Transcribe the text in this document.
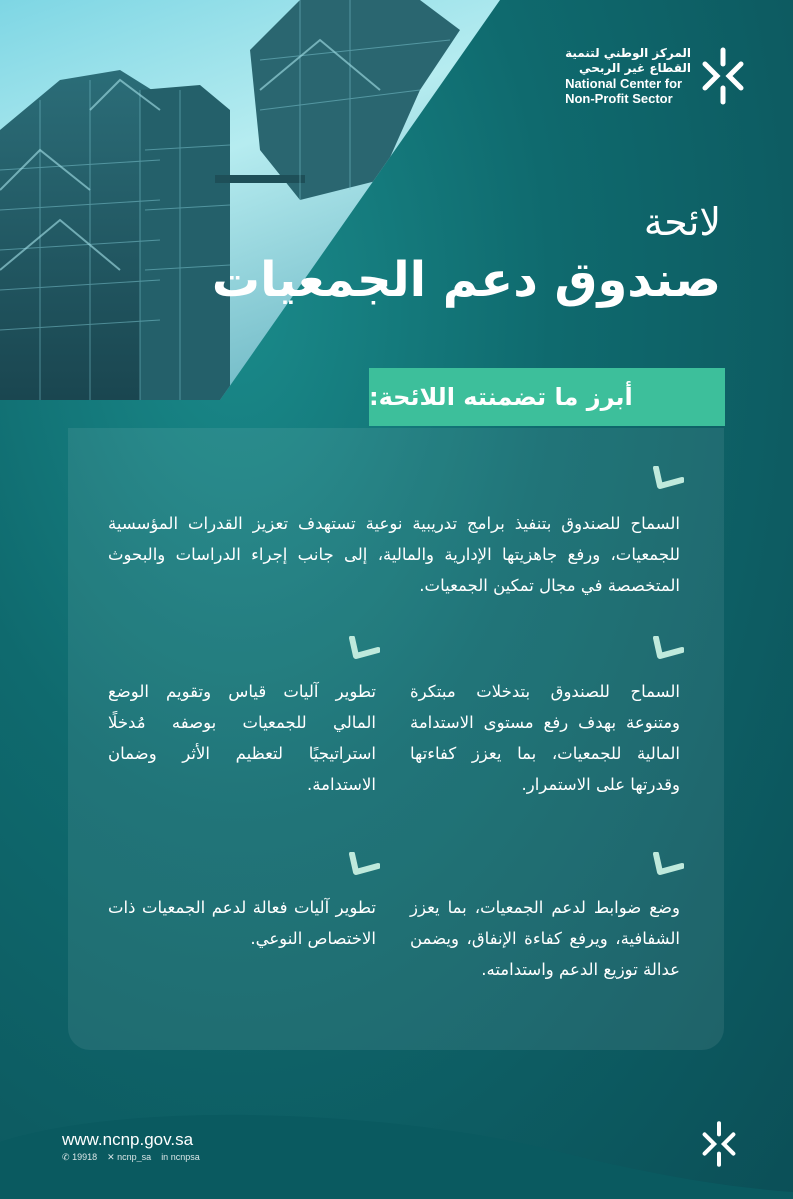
المركز الوطني لتنمية
القطاع غير الربحي
National Center for
Non-Profit Sector
لائحة
صندوق دعم الجمعيات
أبرز ما تضمنته اللائحة:
السماح للصندوق بتنفيذ برامج تدريبية نوعية تستهدف تعزيز القدرات المؤسسية للجمعيات، ورفع جاهزيتها الإدارية والمالية، إلى جانب إجراء الدراسات والبحوث المتخصصة في مجال تمكين الجمعيات.
السماح للصندوق بتدخلات مبتكرة ومتنوعة بهدف رفع مستوى الاستدامة المالية للجمعيات، بما يعزز كفاءتها وقدرتها على الاستمرار.
تطوير آليات قياس وتقويم الوضع المالي للجمعيات بوصفه مُدخلًا استراتيجيًا لتعظيم الأثر وضمان الاستدامة.
وضع ضوابط لدعم الجمعيات، بما يعزز الشفافية، ويرفع كفاءة الإنفاق، ويضمن عدالة توزيع الدعم واستدامته.
تطوير آليات فعالة لدعم الجمعيات ذات الاختصاص النوعي.
www.ncnp.gov.sa
✆ 19918 ✕ ncnp_sa in ncnpsa
